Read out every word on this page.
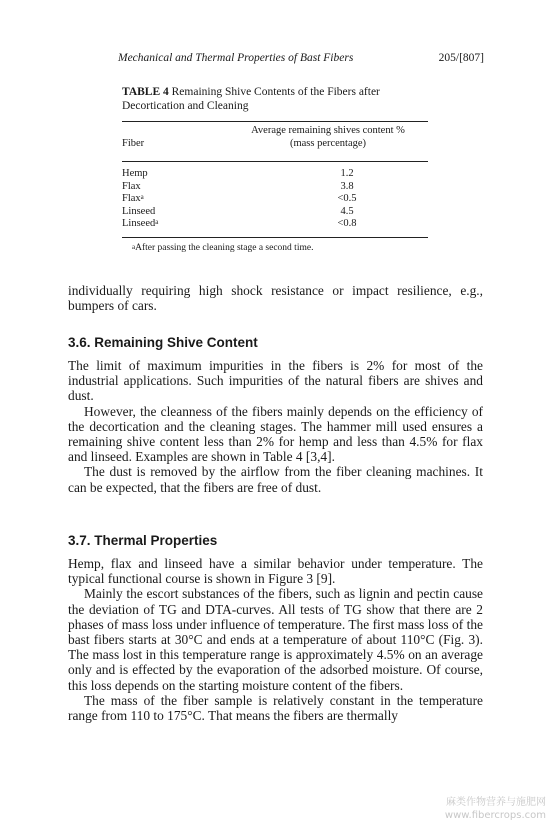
Mechanical and Thermal Properties of Bast Fibers	205/[807]

TABLE 4 Remaining Shive Contents of the Fibers after Decortication and Cleaning

Fiber
Average remaining shives content %
(mass percentage)
Hemp	1.2
Flax	3.8
Flax$^a$	<0.5
Linseed	4.5
Linseed$^a$	<0.8
$^a$After passing the cleaning stage a second time.

individually requiring high shock resistance or impact resilience, e.g., bumpers of cars.

3.6. Remaining Shive Content

The limit of maximum impurities in the fibers is 2% for most of the industrial applications. Such impurities of the natural fibers are shives and dust.

However, the cleanness of the fibers mainly depends on the efficiency of the decortication and the cleaning stages. The hammer mill used ensures a remaining shive content less than 2% for hemp and less than 4.5% for flax and linseed. Examples are shown in Table 4 [3,4].

The dust is removed by the airflow from the fiber cleaning machines. It can be expected, that the fibers are free of dust.

3.7. Thermal Properties

Hemp, flax and linseed have a similar behavior under temperature. The typical functional course is shown in Figure 3 [9].

Mainly the escort substances of the fibers, such as lignin and pectin cause the deviation of TG and DTA-curves. All tests of TG show that there are 2 phases of mass loss under influence of temperature. The first mass loss of the bast fibers starts at 30°C and ends at a temperature of about 110°C (Fig. 3). The mass lost in this temperature range is approximately 4.5% on an average only and is effected by the evaporation of the adsorbed moisture. Of course, this loss depends on the starting moisture content of the fibers.

The mass of the fiber sample is relatively constant in the temperature range from 110 to 175°C. That means the fibers are thermally

麻类作物营养与施肥网
www.fibercrops.com
